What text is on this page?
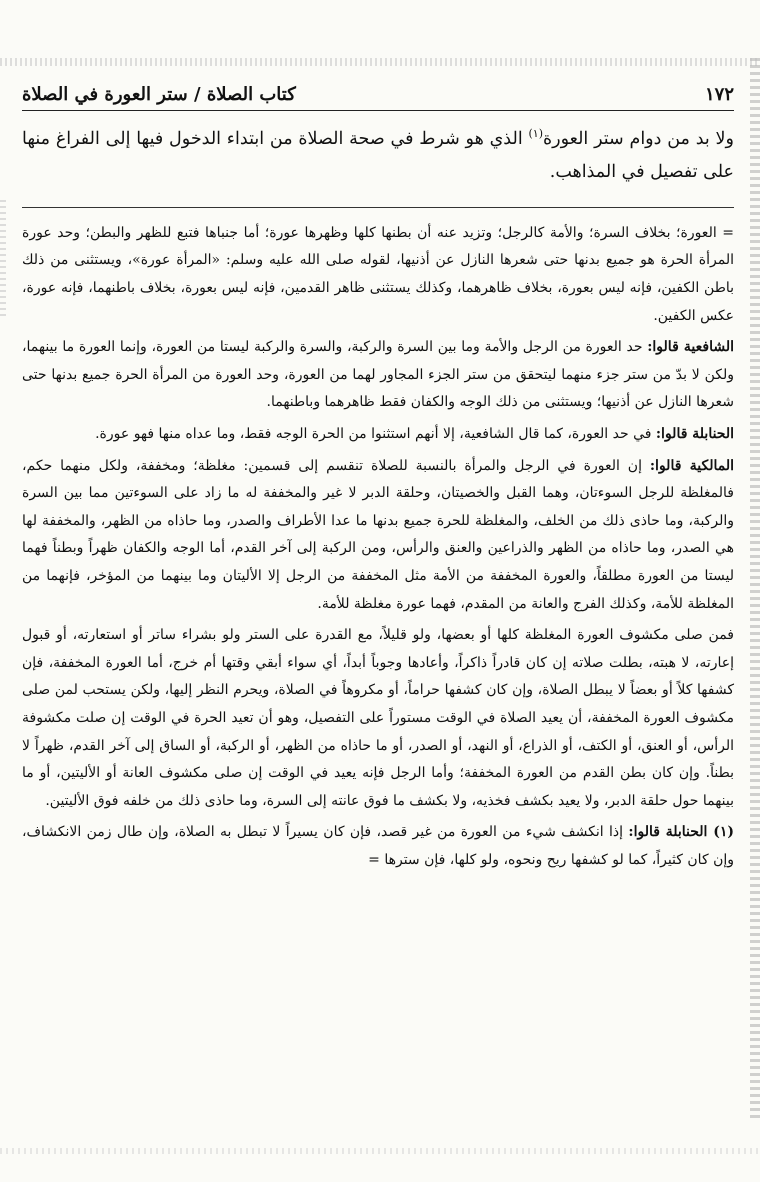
١٧٢
كتاب الصلاة / ستر العورة في الصلاة
ولا بد من دوام ستر العورة$^{(١)}$ الذي هو شرط في صحة الصلاة من ابتداء الدخول فيها إلى الفراغ منها على تفصيل في المذاهب.

= العورة؛ بخلاف السرة؛ والأمة كالرجل؛ وتزيد عنه أن بطنها كلها وظهرها عورة؛ أما جنباها فتبع للظهر والبطن؛ وحد عورة المرأة الحرة هو جميع بدنها حتى شعرها النازل عن أذنيها، لقوله صلى الله عليه وسلم: «المرأة عورة»، ويستثنى من ذلك باطن الكفين، فإنه ليس بعورة، بخلاف ظاهرهما، وكذلك يستثنى ظاهر القدمين، فإنه ليس بعورة، بخلاف باطنهما، فإنه عورة، عكس الكفين.

الشافعية قالوا: حد العورة من الرجل والأمة وما بين السرة والركبة، والسرة والركبة ليستا من العورة، وإنما العورة ما بينهما، ولكن لا بدّ من ستر جزء منهما ليتحقق من ستر الجزء المجاور لهما من العورة، وحد العورة من المرأة الحرة جميع بدنها حتى شعرها النازل عن أذنيها؛ ويستثنى من ذلك الوجه والكفان فقط ظاهرهما وباطنهما.

الحنابلة قالوا: في حد العورة، كما قال الشافعية، إلا أنهم استثنوا من الحرة الوجه فقط، وما عداه منها فهو عورة.

المالكية قالوا: إن العورة في الرجل والمرأة بالنسبة للصلاة تنقسم إلى قسمين: مغلظة؛ ومخففة، ولكل منهما حكم، فالمغلظة للرجل السوءتان، وهما القبل والخصيتان، وحلقة الدبر لا غير والمخففة له ما زاد على السوءتين مما بين السرة والركبة، وما حاذى ذلك من الخلف، والمغلظة للحرة جميع بدنها ما عدا الأطراف والصدر، وما حاذاه من الظهر، والمخففة لها هي الصدر، وما حاذاه من الظهر والذراعين والعنق والرأس، ومن الركبة إلى آخر القدم، أما الوجه والكفان ظهراً وبطناً فهما ليستا من العورة مطلقاً، والعورة المخففة من الأمة مثل المخففة من الرجل إلا الأليتان وما بينهما من المؤخر، فإنهما من المغلظة للأمة، وكذلك الفرج والعانة من المقدم، فهما عورة مغلظة للأمة.

فمن صلى مكشوف العورة المغلظة كلها أو بعضها، ولو قليلاً، مع القدرة على الستر ولو بشراء ساتر أو استعارته، أو قبول إعارته، لا هبته، بطلت صلاته إن كان قادراً ذاكراً، وأعادها وجوباً أبداً، أي سواء أبقي وقتها أم خرج، أما العورة المخففة، فإن كشفها كلاً أو بعضاً لا يبطل الصلاة، وإن كان كشفها حراماً، أو مكروهاً في الصلاة، ويحرم النظر إليها، ولكن يستحب لمن صلى مكشوف العورة المخففة، أن يعيد الصلاة في الوقت مستوراً على التفصيل، وهو أن تعيد الحرة في الوقت إن صلت مكشوفة الرأس، أو العنق، أو الكتف، أو الذراع، أو النهد، أو الصدر، أو ما حاذاه من الظهر، أو الركبة، أو الساق إلى آخر القدم، ظهراً لا بطناً. وإن كان بطن القدم من العورة المخففة؛ وأما الرجل فإنه يعيد في الوقت إن صلى مكشوف العانة أو الأليتين، أو ما بينهما حول حلقة الدبر، ولا يعيد بكشف فخذيه، ولا بكشف ما فوق عانته إلى السرة، وما حاذى ذلك من خلفه فوق الأليتين.

(١) الحنابلة قالوا: إذا انكشف شيء من العورة من غير قصد، فإن كان يسيراً لا تبطل به الصلاة، وإن طال زمن الانكشاف، وإن كان كثيراً، كما لو كشفها ريح ونحوه، ولو كلها، فإن سترها =
